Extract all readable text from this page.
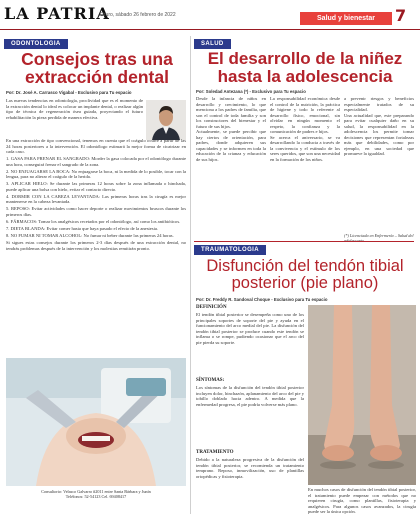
LA PATRIA
Oruro, sábado 26 febrero de 2022	Salud y bienestar	7
ODONTOLOGIA
Consejos tras una extracción dental
Por: Dr. José A. Carrasco Vigabal - Exclusivo para Tu espacio
Las nuevas tendencias en odontología, proclividad que es el momento de la extracción dental lo ideal es colocar un implante dental, o realizar algún tipo de técnica de regeneración ósea guiada, proyectando el futuro rehabilitación la pieza perdida de manera efectiva.
En una extracción de tipo convencional, tenemos en cuenta que el coágulo ocurre a partir de las 24 horas posteriores a la intervención. El odontólogo estimará la mejor forma de cicatrizar en cada caso.
1. GASA PARA FRENAR EL SANGRADO: Morder la gasa colocada por el odontólogo durante una hora, conseguirá frenar el sangrado de la zona.
2. NO ENJUAGARSE LA BOCA: No enjuagarse la boca, ni la medida de lo posible, tocar con la lengua, para no alterar el coágulo de la herida.
3. APLICAR HIELO: Se durante las primeras 12 horas sobre la zona inflamada o hinchada, puede aplicar una bolsa con hielo, evitar el contacto directo.
4. DORMIR CON LA CABEZA LEVANTADA: Las primeras horas tras la cirugía es mejor mantenerse en la cabeza levantada.
5. REPOSO: Evitar actividades como hacer deporte o realizar movimientos bruscos durante los primeros días.
6. FÁRMACOS: Tomar los analgésicos recetados por el odontólogo, así como los antibióticos.
7. DIETA BLANDA: Evitar comer hasta que haya pasado el efecto de la anestesia.
8. NO FUMAR NI TOMAR ALCOHOL: No fumar ni beber durante las primeras 24 horas.
Si sigues estas consejos durante los primeros 2-3 días después de una extracción dental, no tendrás problemas después de la intervención y los molestias remitirán pronto.
Consultorio: Velasco Galvarro #2011 entre Santa Bárbara y Junín
Teléfonos: 52-54123 Cel. 69408417
SALUD
El desarrollo de la niñez hasta la adolescencia
Por: Soledad Antezana (*) - Exclusivo para Tu espacio
Desde la infancia de niños en desarrollo y crecimiento, lo que menciona a los padres de familia, que son el control de toda familia y son los constructores del bienestar y el futuro de sus hijos.
Actualmente, se puede percibir que hay ciertos de orientación, para padres, donde adquieren sus capacidades y se informen en toda la educación de la crianza y educación de sus hijos.
La responsabilidad económica desde el control de la nutrición, la práctica de higiene y todo lo referente al desarrollo físico, emocional, sin olvidar en ningún momento el respeto, la confianza y la comunicación de padres e hijos.
Se acerca el aniversario, se va desarrollando la conducta a través de la convivencia y el estímulo de los seres queridos, que son una necesidad en la formación de los niños.
a prevenir riesgos y beneficios especialmente tratados de su especialidad.
Una actualidad que, este preparando para evitar cualquier daño en su salud, la responsabilidad en la adolescencia los permite tomar decisiones que representan fortalezas más que debilidades, como por ejemplo, en una sociedad que promueve la igualdad.
(*) Licenciada en Enfermería – Salud del
TRAUMATOLOGIA
Disfunción del tendón tibial posterior (pie plano)
Por: Dr. Freddy R. Sandoval Choque - Exclusivo para Tu espacio
DEFINICIÓN
El tendón tibial posterior se desempeña como uno de los principales soportes de soporte del pie y ayuda en el funcionamiento del arco medial del pie. La disfunción del tendón tibial posterior se produce cuando este tendón se inflama o se rompe, pudiendo ocasionar que el arco del pie pierda su soporte.
SÍNTOMAS:
Los síntomas de la disfunción del tendón tibial posterior incluyen dolor, hinchazón, aplanamiento del arco del pie y tobillo doblado hacia adentro. A medida que la enfermedad progresa, el pie podría volverse más plano.
TRATAMIENTO
Debido a la naturaleza progresiva de la disfunción del tendón tibial posterior, se recomienda un tratamiento temprano. Reposo, inmovilización, uso de plantillas ortopédicas y fisioterapia.
En muchos casos de disfunción del tendón tibial posterior, el tratamiento puede empezar con métodos que no requieren cirugía, como plantillas, fisioterapia y analgésicos. Para algunos casos avanzados, la cirugía puede ser la única opción.
